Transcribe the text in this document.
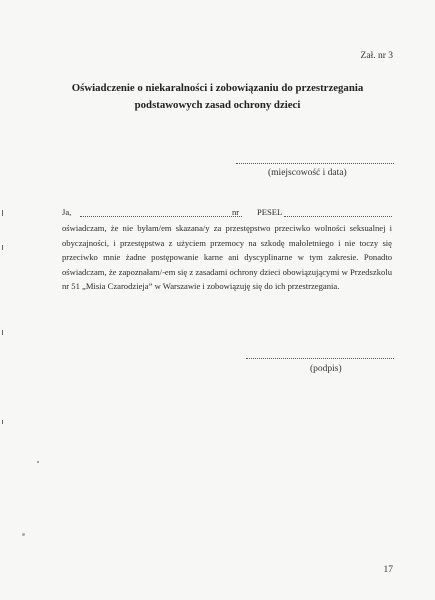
Zał. nr 3
Oświadczenie o niekaralności i zobowiązaniu do przestrzegania
podstawowych zasad ochrony dzieci
(miejscowość i data)
Ja,	nr PESEL
oświadczam, że nie byłam/em skazana/y za przestępstwo przeciwko wolności seksualnej i obyczajności, i przestępstwa z użyciem przemocy na szkodę małoletniego i nie toczy się przeciwko mnie żadne postępowanie karne ani dyscyplinarne w tym zakresie. Ponadto oświadczam, że zapoznałam/-em się z zasadami ochrony dzieci obowiązującymi w Przedszkolu nr 51 „Misia Czarodzieja” w Warszawie i zobowiązuję się do ich przestrzegania.
(podpis)
17
